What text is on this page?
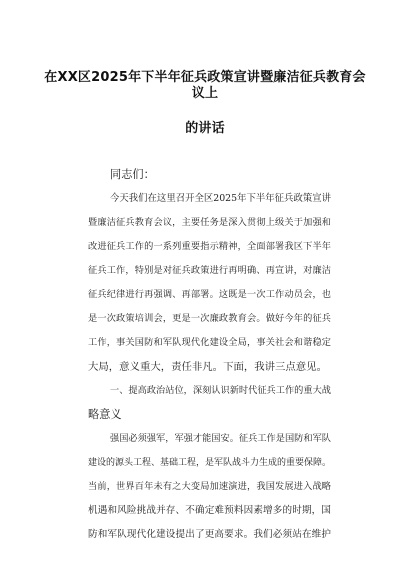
在XX区2025年下半年征兵政策宣讲暨廉洁征兵教育会议上
的讲话
同志们：
今天我们在这里召开全区2025年下半年征兵政策宣讲
暨廉洁征兵教育会议，主要任务是深入贯彻上级关于加强和
改进征兵工作的一系列重要指示精神，全面部署我区下半年
征兵工作，特别是对征兵政策进行再明确、再宣讲，对廉洁
征兵纪律进行再强调、再部署。这既是一次工作动员会，也
是一次政策培训会，更是一次廉政教育会。做好今年的征兵
工作，事关国防和军队现代化建设全局，事关社会和谐稳定
大局，意义重大，责任非凡。下面，我讲三点意见。
一、提高政治站位，深刻认识新时代征兵工作的重大战
略意义
强国必须强军，军强才能国安。征兵工作是国防和军队
建设的源头工程、基础工程，是军队战斗力生成的重要保障。
当前，世界百年未有之大变局加速演进，我国发展进入战略
机遇和风险挑战并存、不确定难预料因素增多的时期，国
防和军队现代化建设提出了更高要求。我们必须站在维护
